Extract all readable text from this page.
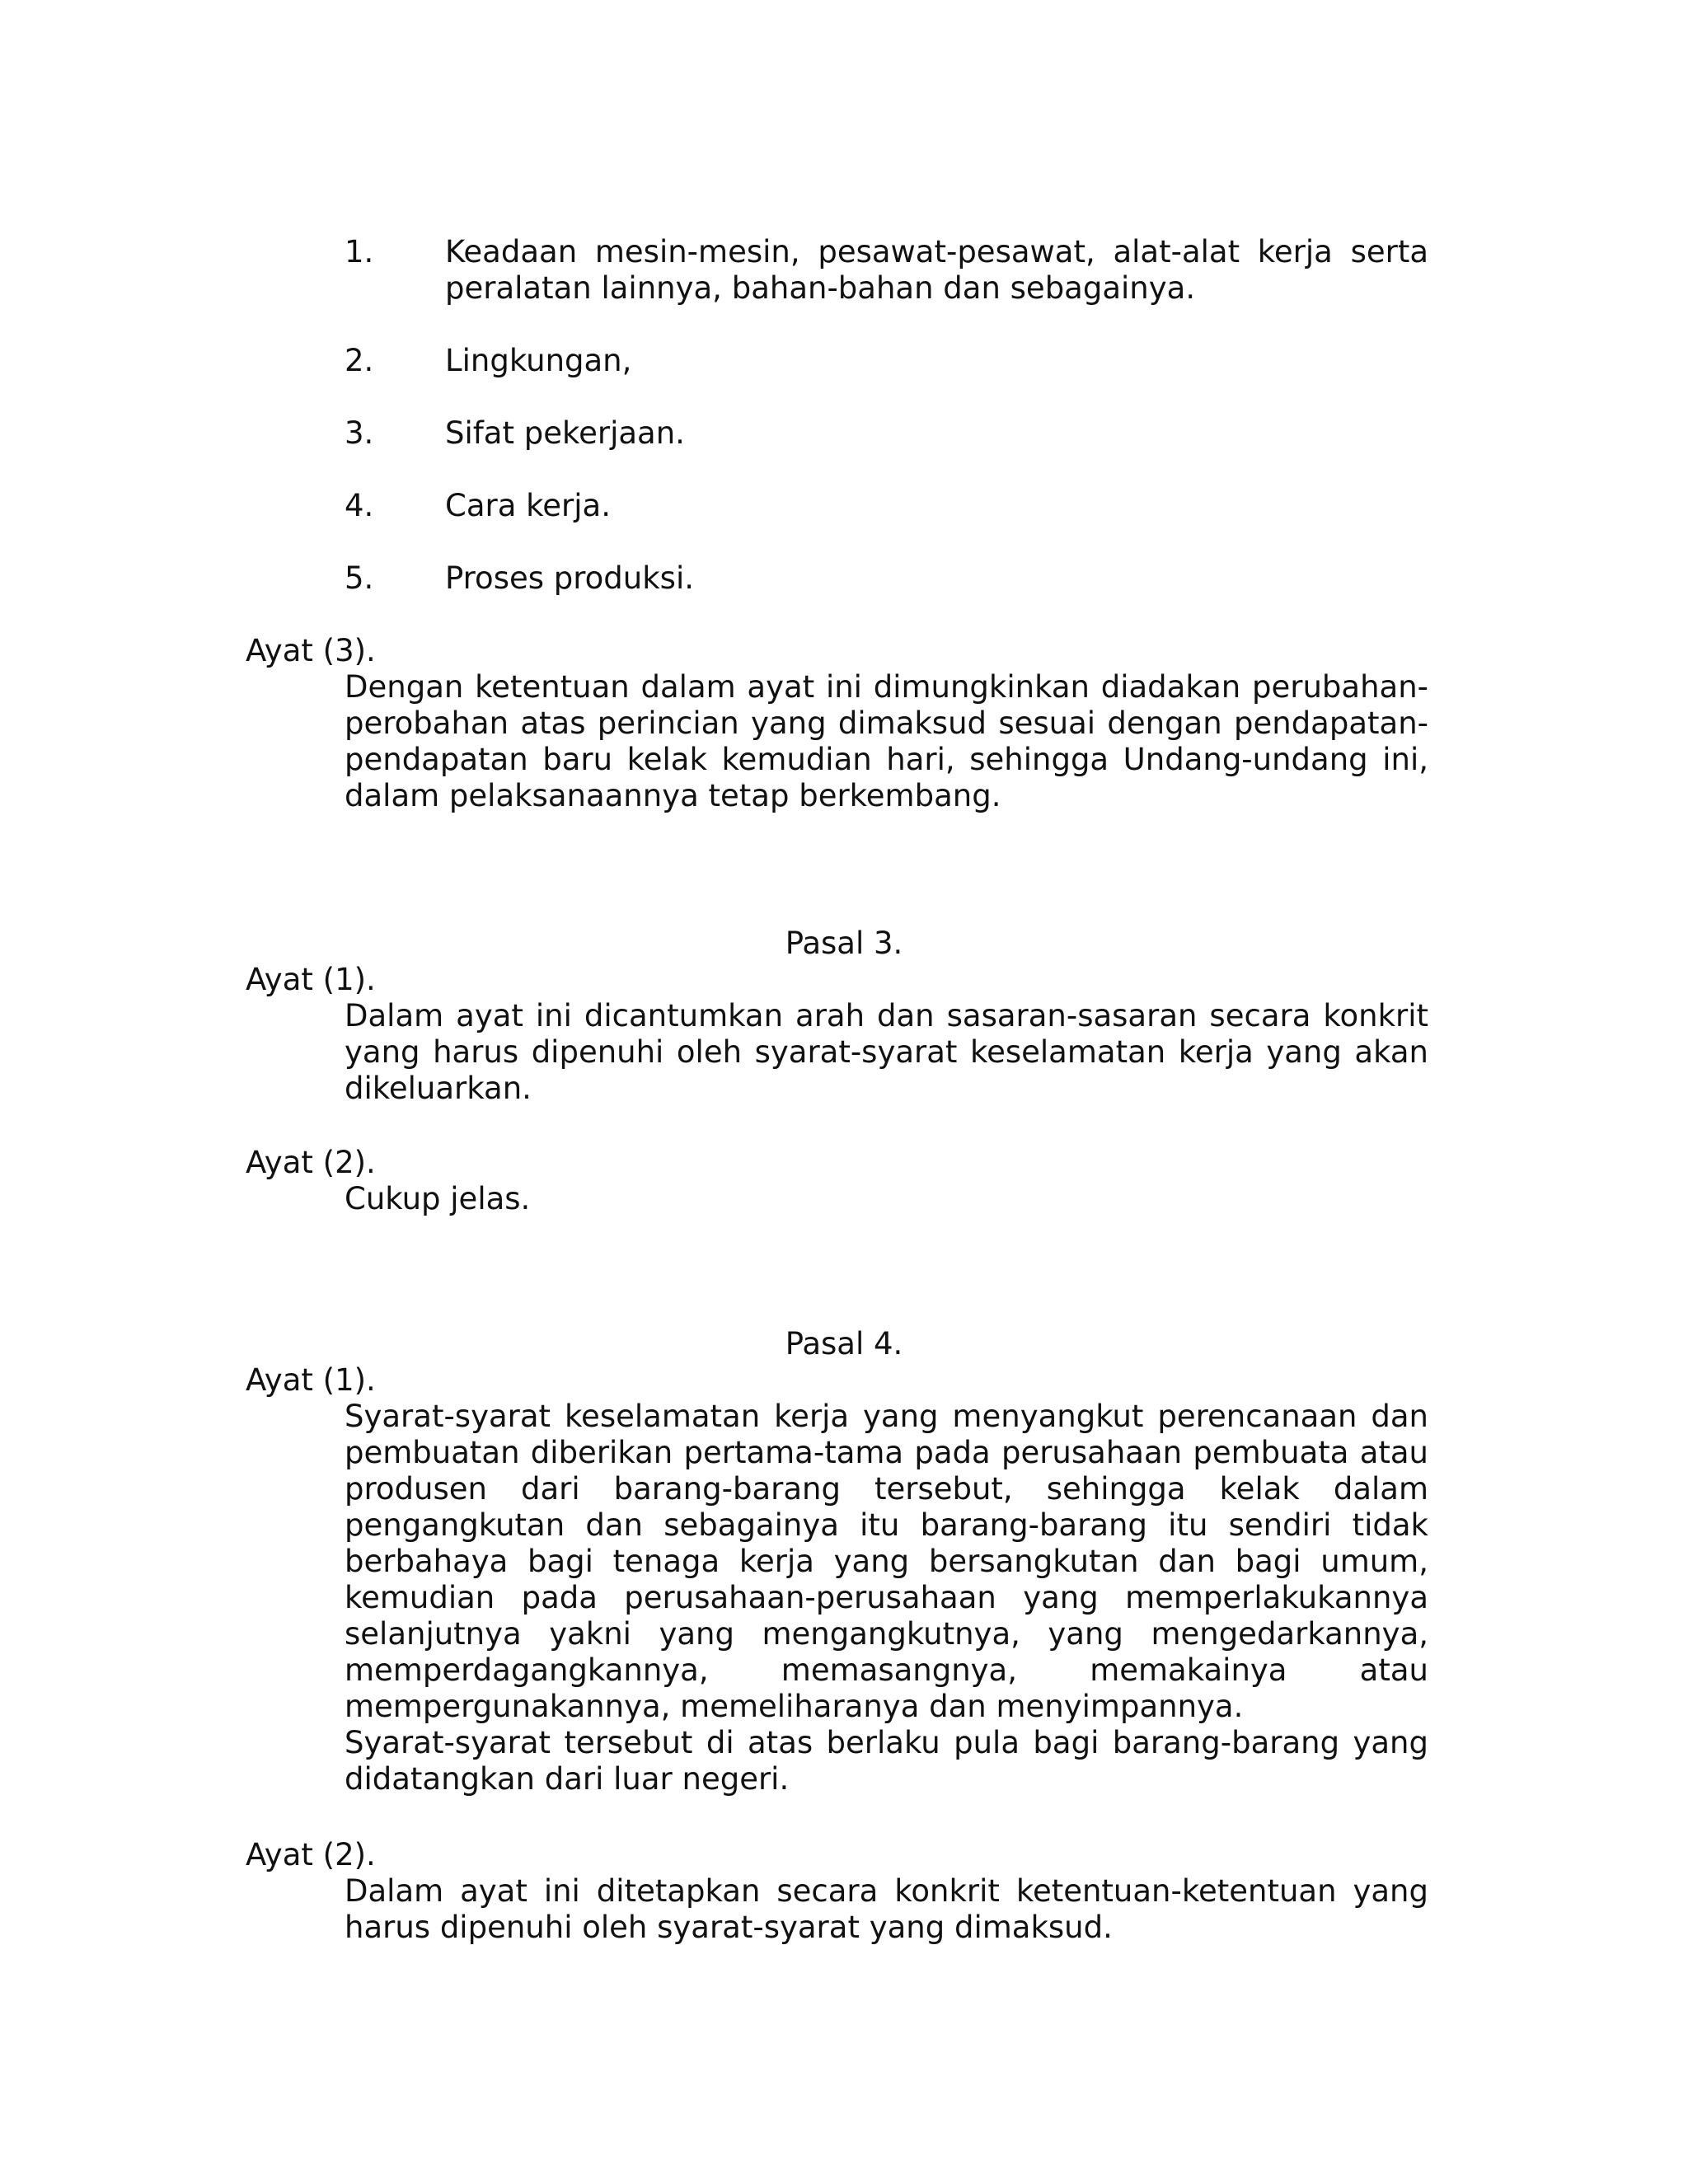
1.	Keadaan mesin-mesin, pesawat-pesawat, alat-alat kerja serta peralatan lainnya, bahan-bahan dan sebagainya.
2.	Lingkungan,
3.	Sifat pekerjaan.
4.	Cara kerja.
5.	Proses produksi.
Ayat (3).

Dengan ketentuan dalam ayat ini dimungkinkan diadakan perubahan-perobahan atas perincian yang dimaksud sesuai dengan pendapatan-pendapatan baru kelak kemudian hari, sehingga Undang-undang ini, dalam pelaksanaannya tetap berkembang.

Pasal 3.
Ayat (1).

Dalam ayat ini dicantumkan arah dan sasaran-sasaran secara konkrit yang harus dipenuhi oleh syarat-syarat keselamatan kerja yang akan dikeluarkan.

Ayat (2).

Cukup jelas.

Pasal 4.
Ayat (1).

Syarat-syarat keselamatan kerja yang menyangkut perencanaan dan pembuatan diberikan pertama-tama pada perusahaan pembuata atau produsen dari barang-barang tersebut, sehingga kelak dalam pengangkutan dan sebagainya itu barang-barang itu sendiri tidak berbahaya bagi tenaga kerja yang bersangkutan dan bagi umum, kemudian pada perusahaan-perusahaan yang memperlakukannya selanjutnya yakni yang mengangkutnya, yang mengedarkannya, memperdagangkannya, memasangnya, memakainya atau mempergunakannya, memeliharanya dan menyimpannya.

Syarat-syarat tersebut di atas berlaku pula bagi barang-barang yang didatangkan dari luar negeri.

Ayat (2).

Dalam ayat ini ditetapkan secara konkrit ketentuan-ketentuan yang harus dipenuhi oleh syarat-syarat yang dimaksud.
